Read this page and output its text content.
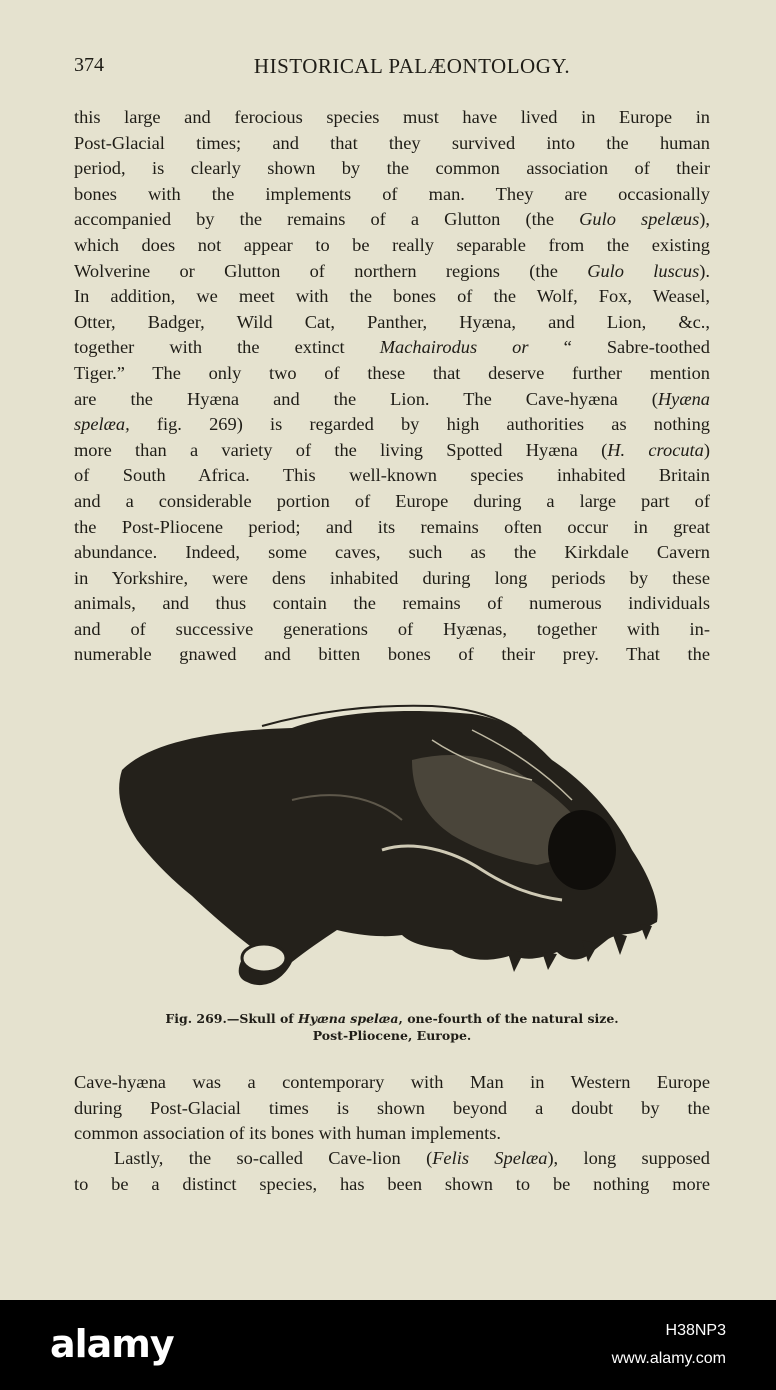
374	HISTORICAL PALÆONTOLOGY.
this large and ferocious species must have lived in Europe in
Post-Glacial times; and that they survived into the human
period, is clearly shown by the common association of their
bones with the implements of man. They are occasionally
accompanied by the remains of a Glutton (the Gulo spelæus),
which does not appear to be really separable from the existing
Wolverine or Glutton of northern regions (the Gulo luscus).
In addition, we meet with the bones of the Wolf, Fox, Weasel,
Otter, Badger, Wild Cat, Panther, Hyæna, and Lion, &c.,
together with the extinct Machairodus or “ Sabre-toothed
Tiger.” The only two of these that deserve further mention
are the Hyæna and the Lion. The Cave-hyæna (Hyæna
spelæa, fig. 269) is regarded by high authorities as nothing
more than a variety of the living Spotted Hyæna (H. crocuta)
of South Africa. This well-known species inhabited Britain
and a considerable portion of Europe during a large part of
the Post-Pliocene period; and its remains often occur in great
abundance. Indeed, some caves, such as the Kirkdale Cavern
in Yorkshire, were dens inhabited during long periods by these
animals, and thus contain the remains of numerous individuals
and of successive generations of Hyænas, together with in-
numerable gnawed and bitten bones of their prey. That the
Fig. 269.—Skull of Hyæna spelæa, one-fourth of the natural size.
Post-Pliocene, Europe.
Cave-hyæna was a contemporary with Man in Western Europe
during Post-Glacial times is shown beyond a doubt by the
common association of its bones with human implements.
Lastly, the so-called Cave-lion (Felis Spelæa), long supposed
to be a distinct species, has been shown to be nothing more
alamy	H38NP3
www.alamy.com
